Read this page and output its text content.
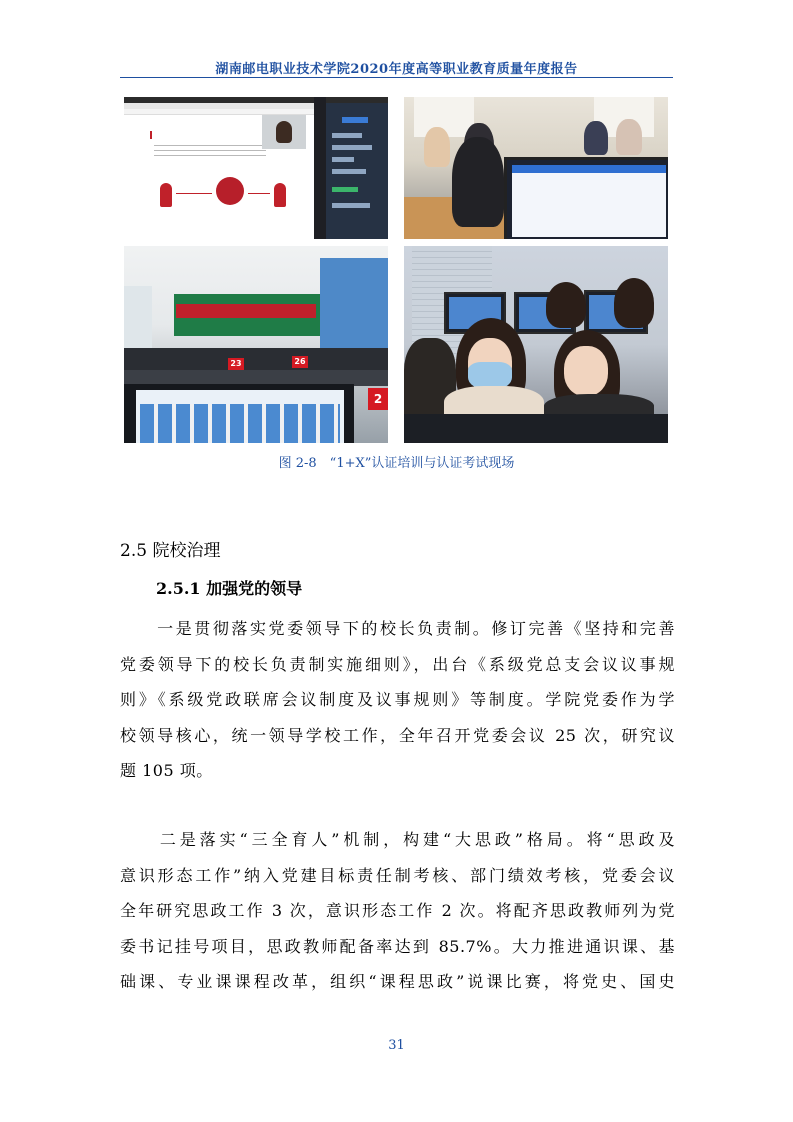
湖南邮电职业技术学院2020年度高等职业教育质量年度报告
23	26
2
图 2-8　“1+X”认证培训与认证考试现场
2.5 院校治理
2.5.1 加强党的领导
　　一是贯彻落实党委领导下的校长负责制。修订完善《坚持和完善
党委领导下的校长负责制实施细则》，出台《系级党总支会议议事规
则》《系级党政联席会议制度及议事规则》等制度。学院党委作为学
校领导核心，统一领导学校工作，全年召开党委会议 25 次，研究议
题 105 项。
　　二是落实“三全育人”机制，构建“大思政”格局。将“思政及
意识形态工作”纳入党建目标责任制考核、部门绩效考核，党委会议
全年研究思政工作 3 次，意识形态工作 2 次。将配齐思政教师列为党
委书记挂号项目，思政教师配备率达到 85.7%。大力推进通识课、基
础课、专业课课程改革，组织“课程思政”说课比赛，将党史、国史
31
